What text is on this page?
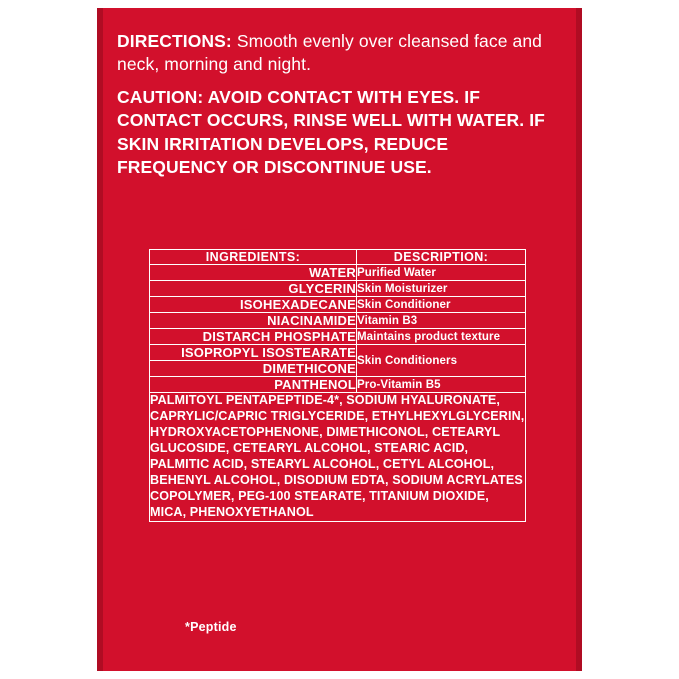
DIRECTIONS: Smooth evenly over cleansed face and neck, morning and night.

CAUTION: AVOID CONTACT WITH EYES. IF CONTACT OCCURS, RINSE WELL WITH WATER. IF SKIN IRRITATION DEVELOPS, REDUCE FREQUENCY OR DISCONTINUE USE.

INGREDIENTS:	DESCRIPTION:
WATER	Purified Water
GLYCERIN	Skin Moisturizer
ISOHEXADECANE	Skin Conditioner
NIACINAMIDE	Vitamin B3
DISTARCH PHOSPHATE	Maintains product texture
ISOPROPYL ISOSTEARATE	Skin Conditioners
DIMETHICONE	
PANTHENOL	Pro-Vitamin B5
PALMITOYL PENTAPEPTIDE-4*, SODIUM HYALURONATE, CAPRYLIC/CAPRIC TRIGLYCERIDE, ETHYLHEXYLGLYCERIN, HYDROXYACETOPHENONE, DIMETHICONOL, CETEARYL GLUCOSIDE, CETEARYL ALCOHOL, STEARIC ACID, PALMITIC ACID, STEARYL ALCOHOL, CETYL ALCOHOL, BEHENYL ALCOHOL, DISODIUM EDTA, SODIUM ACRYLATES COPOLYMER, PEG-100 STEARATE, TITANIUM DIOXIDE, MICA, PHENOXYETHANOL	
*Peptide
